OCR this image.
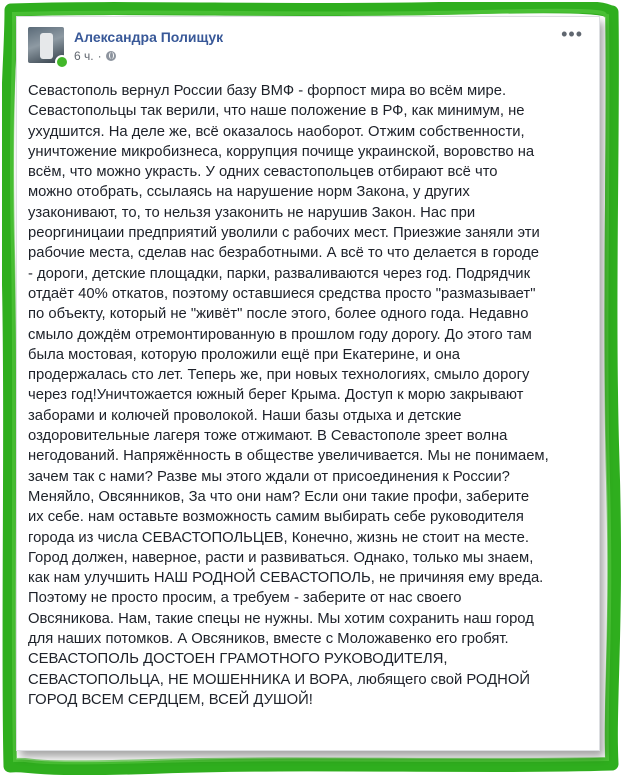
Александра Полищук
6 ч. ·
•••

Севастополь вернул России базу ВМФ - форпост мира во всём мире.
Севастопольцы так верили, что наше положение в РФ, как минимум, не
ухудшится. На деле же, всё оказалось наоборот. Отжим собственности,
уничтожение микробизнеса, коррупция почище украинской, воровство на
всём, что можно украсть. У одних севастопольцев отбирают всё что
можно отобрать, ссылаясь на нарушение норм Закона, у других
узаконивают, то, то нельзя узаконить не нарушив Закон. Нас при
реоргиницаии предприятий уволили с рабочих мест. Приезжие заняли эти
рабочие места, сделав нас безработными. А всё то что делается в городе
- дороги, детские площадки, парки, разваливаются через год. Подрядчик
отдаёт 40% откатов, поэтому оставшиеся средства просто "размазывает"
по объекту, который не "живёт" после этого, более одного года. Недавно
смыло дождём отремонтированную в прошлом году дорогу. До этого там
была мостовая, которую проложили ещё при Екатерине, и она
продержалась сто лет. Теперь же, при новых технологиях, смыло дорогу
через год!Уничтожается южный берег Крыма. Доступ к морю закрывают
заборами и колючей проволокой. Наши базы отдыха и детские
оздоровительные лагеря тоже отжимают. В Севастополе зреет волна
негодований. Напряжённость в обществе увеличивается. Мы не понимаем,
зачем так с нами? Разве мы этого ждали от присоединения к России?
Меняйло, Овсянников, За что они нам? Если они такие профи, заберите
их себе. нам оставьте возможность самим выбирать себе руководителя
города из числа СЕВАСТОПОЛЬЦЕВ, Конечно, жизнь не стоит на месте.
Город должен, наверное, расти и развиваться. Однако, только мы знаем,
как нам улучшить НАШ РОДНОЙ СЕВАСТОПОЛЬ, не причиняя ему вреда.
Поэтому не просто просим, а требуем - заберите от нас своего
Овсяникова. Нам, такие спецы не нужны. Мы хотим сохранить наш город
для наших потомков. А Овсяников, вместе с Моложавенко его гробят.
СЕВАСТОПОЛЬ ДОСТОЕН ГРАМОТНОГО РУКОВОДИТЕЛЯ,
СЕВАСТОПОЛЬЦА, НЕ МОШЕННИКА И ВОРА, любящего свой РОДНОЙ
ГОРОД ВСЕМ СЕРДЦЕМ, ВСЕЙ ДУШОЙ!
